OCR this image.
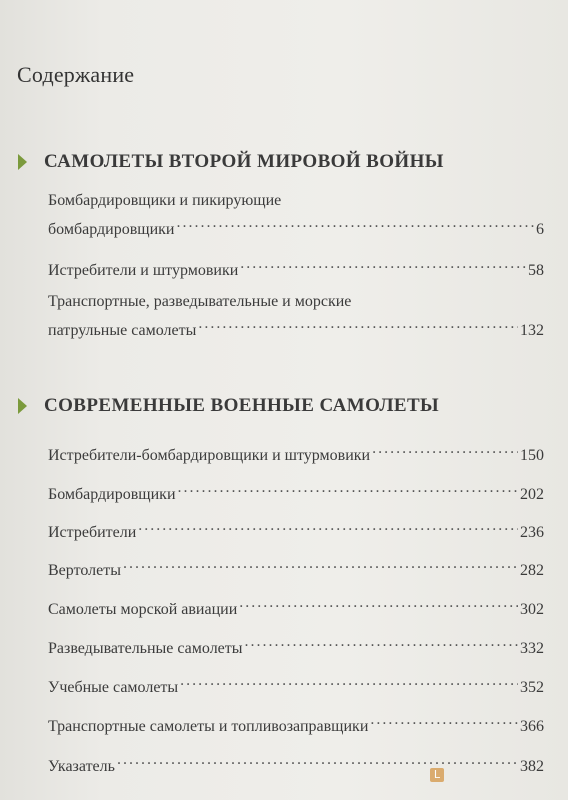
Содержание
САМОЛЕТЫ ВТОРОЙ МИРОВОЙ ВОЙНЫ
Бомбардировщики и пикирующие
бомбардировщики . . .	6
Истребители и штурмовики . . .	58
Транспортные, разведывательные и морские
патрульные самолеты . . .	132
СОВРЕМЕННЫЕ ВОЕННЫЕ САМОЛЕТЫ
Истребители-бомбардировщики и штурмовики . . .	150
Бомбардировщики . . .	202
Истребители . . .	236
Вертолеты . . .	282
Самолеты морской авиации . . .	302
Разведывательные самолеты . . .	332
Учебные самолеты . . .	352
Транспортные самолеты и топливозаправщики . . .	366
Указатель . . .	382
L
